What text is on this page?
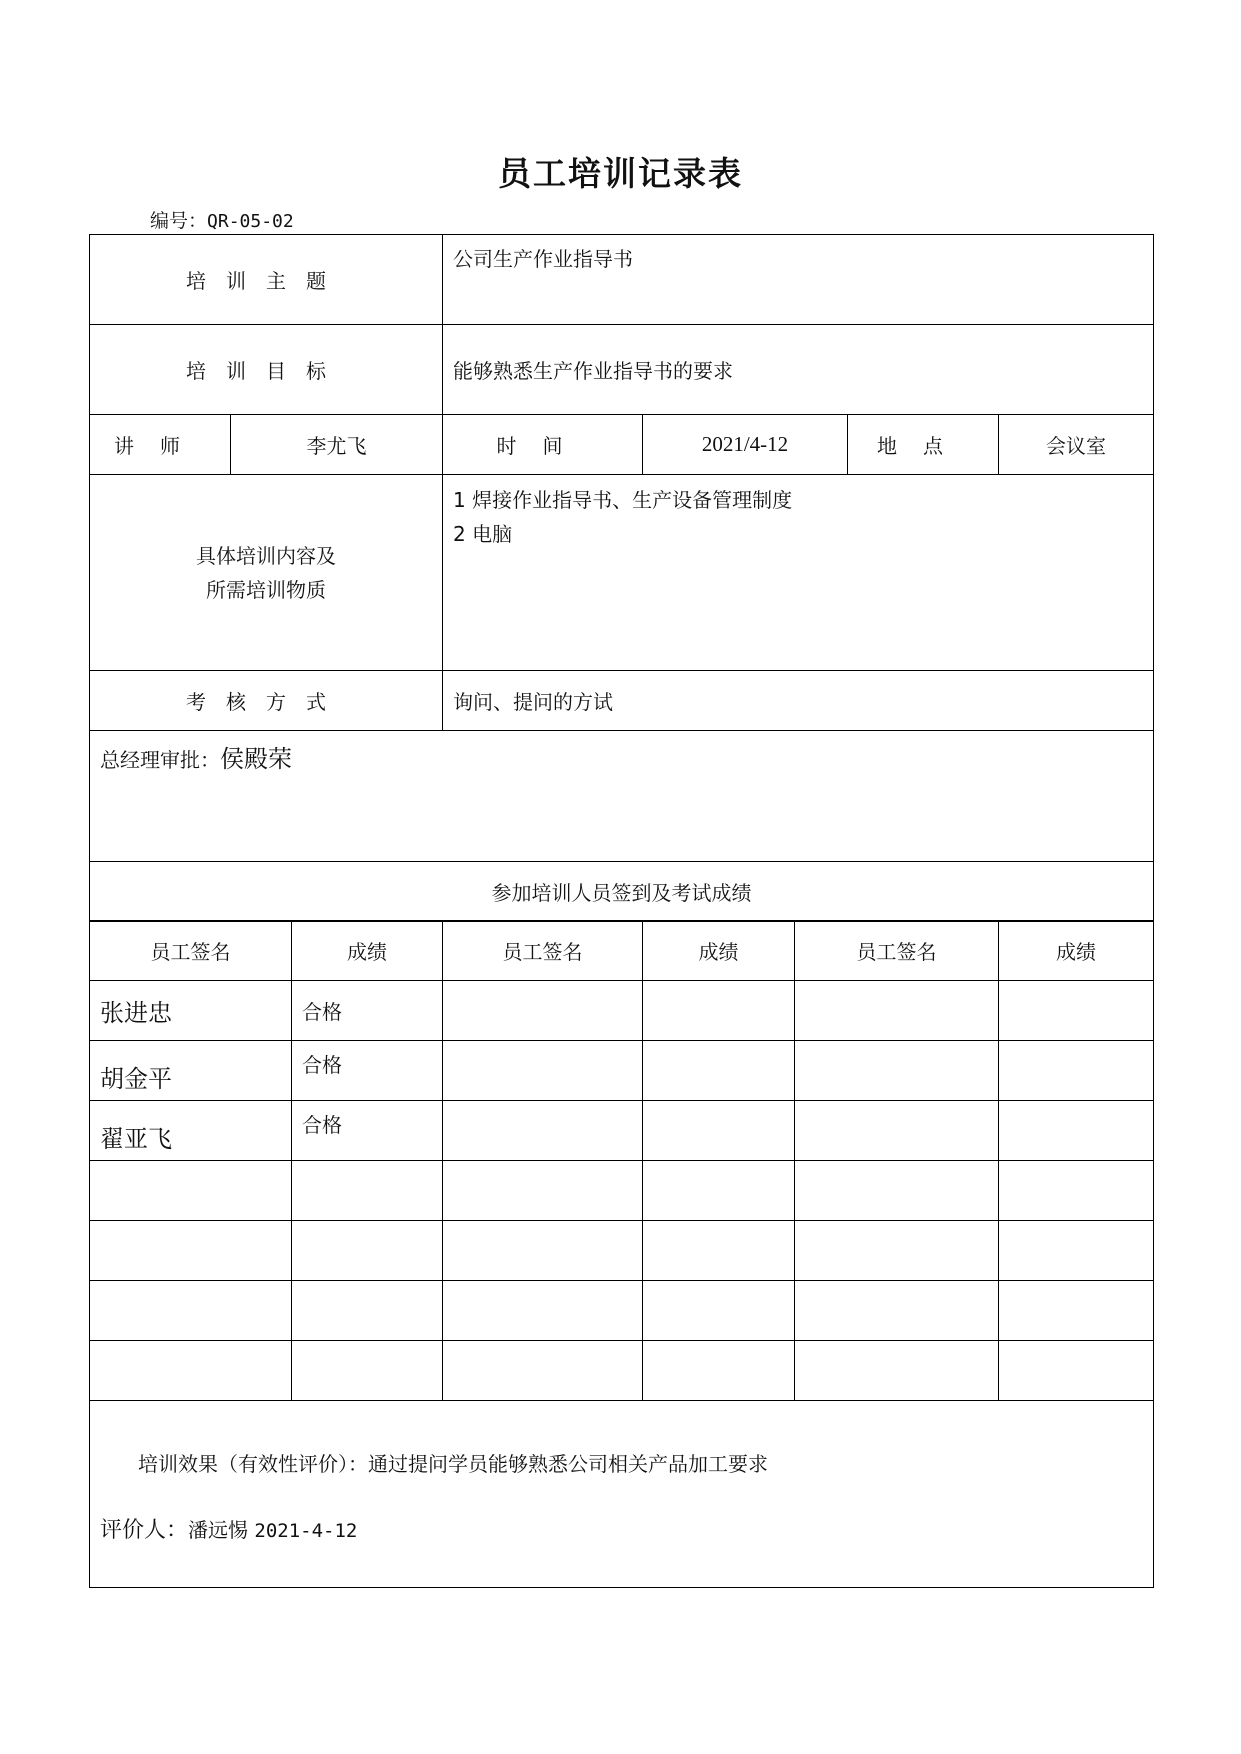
员工培训记录表
编号：QR-05-02
培训主题		公司生产作业指导书			
培训目标		能够熟悉生产作业指导书的要求			
讲师	李尤飞	时间	2021/4-12	地点	会议室

具体培训内容及
所需培训物质		1 焊接作业指导书、生产设备管理制度
2 电脑			

考核方式		询问、提问的方试			
总经理审批：侯殿荣					
参加培训人员签到及考试成绩					
员工签名	成绩	员工签名	成绩	员工签名	成绩
张进忠	合格				
胡金平	合格				
翟亚飞	合格				

培训效果（有效性评价）：通过提问学员能够熟悉公司相关产品加工要求
评价人：潘远惕 2021-4-12					
